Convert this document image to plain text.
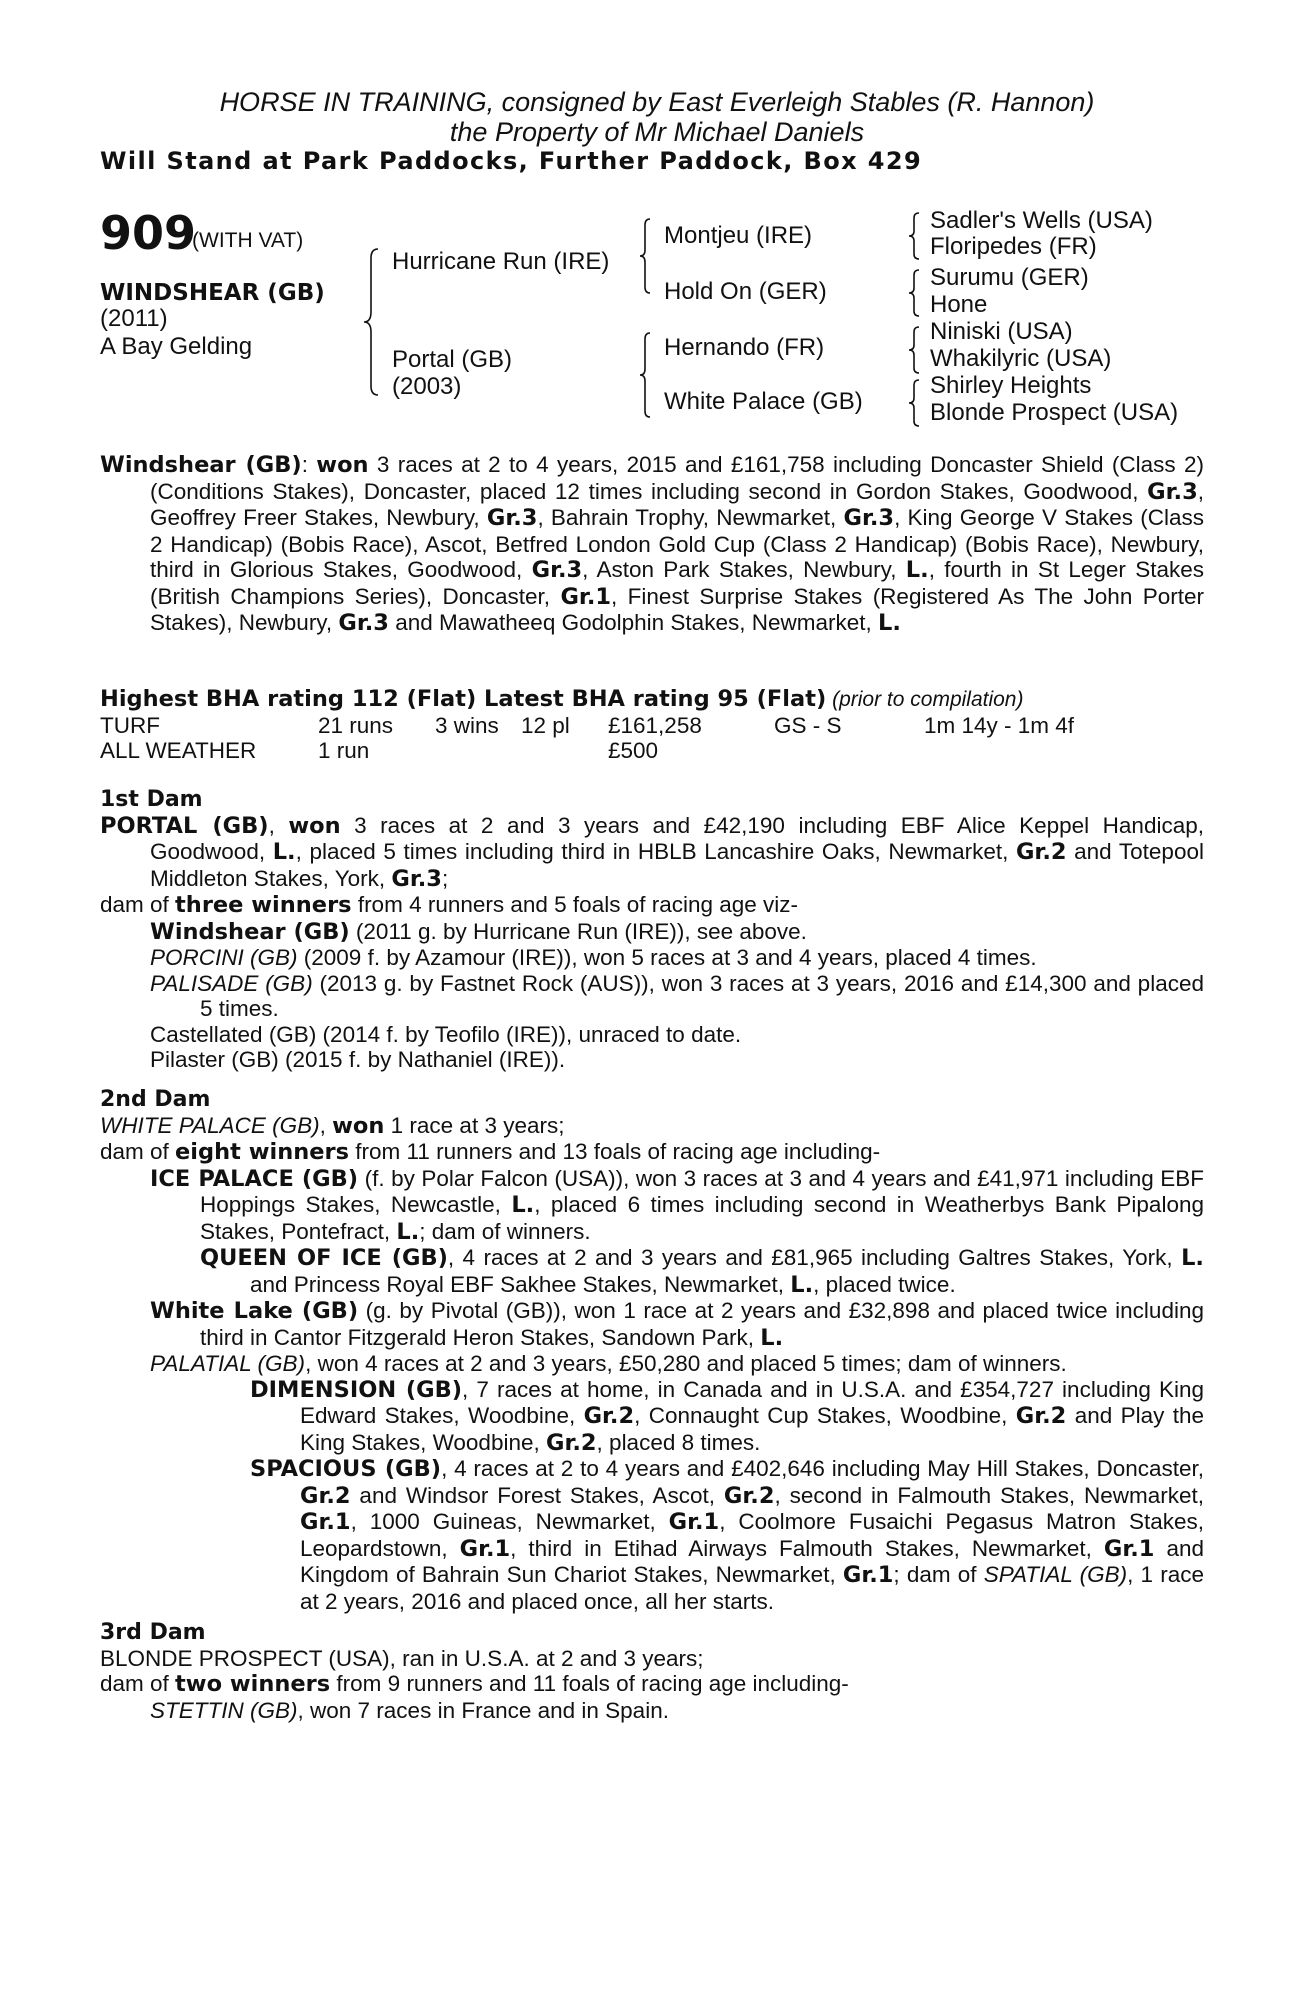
HORSE IN TRAINING, consigned by East Everleigh Stables (R. Hannon)
the Property of Mr Michael Daniels
Will Stand at Park Paddocks, Further Paddock, Box 429
909
(WITH VAT)
WINDSHEAR (GB)
(2011)
A Bay Gelding
Hurricane Run (IRE)
Portal (GB)
(2003)
Montjeu (IRE)
Hold On (GER)
Hernando (FR)
White Palace (GB)
Sadler's Wells (USA)
Floripedes (FR)
Surumu (GER)
Hone
Niniski (USA)
Whakilyric (USA)
Shirley Heights
Blonde Prospect (USA)

Windshear (GB): won 3 races at 2 to 4 years, 2015 and £161,758 including Doncaster Shield (Class 2) (Conditions Stakes), Doncaster, placed 12 times including second in Gordon Stakes, Goodwood, Gr.3, Geoffrey Freer Stakes, Newbury, Gr.3, Bahrain Trophy, Newmarket, Gr.3, King George V Stakes (Class 2 Handicap) (Bobis Race), Ascot, Betfred London Gold Cup (Class 2 Handicap) (Bobis Race), Newbury, third in Glorious Stakes, Goodwood, Gr.3, Aston Park Stakes, Newbury, L., fourth in St Leger Stakes (British Champions Series), Doncaster, Gr.1, Finest Surprise Stakes (Registered As The John Porter Stakes), Newbury, Gr.3 and Mawatheeq Godolphin Stakes, Newmarket, L.

Highest BHA rating 112 (Flat) Latest BHA rating 95 (Flat) (prior to compilation)

TURF	21 runs	3 wins	12 pl	£161,258	GS - S	1m 14y - 1m 4f
ALL WEATHER	1 run			£500		

1st Dam

PORTAL (GB), won 3 races at 2 and 3 years and £42,190 including EBF Alice Keppel Handicap, Goodwood, L., placed 5 times including third in HBLB Lancashire Oaks, Newmarket, Gr.2 and Totepool Middleton Stakes, York, Gr.3;

dam of three winners from 4 runners and 5 foals of racing age viz-

Windshear (GB) (2011 g. by Hurricane Run (IRE)), see above.

PORCINI (GB) (2009 f. by Azamour (IRE)), won 5 races at 3 and 4 years, placed 4 times.

PALISADE (GB) (2013 g. by Fastnet Rock (AUS)), won 3 races at 3 years, 2016 and £14,300 and placed 5 times.

Castellated (GB) (2014 f. by Teofilo (IRE)), unraced to date.

Pilaster (GB) (2015 f. by Nathaniel (IRE)).

2nd Dam

WHITE PALACE (GB), won 1 race at 3 years;

dam of eight winners from 11 runners and 13 foals of racing age including-

ICE PALACE (GB) (f. by Polar Falcon (USA)), won 3 races at 3 and 4 years and £41,971 including EBF Hoppings Stakes, Newcastle, L., placed 6 times including second in Weatherbys Bank Pipalong Stakes, Pontefract, L.; dam of winners.

QUEEN OF ICE (GB), 4 races at 2 and 3 years and £81,965 including Galtres Stakes, York, L. and Princess Royal EBF Sakhee Stakes, Newmarket, L., placed twice.

White Lake (GB) (g. by Pivotal (GB)), won 1 race at 2 years and £32,898 and placed twice including third in Cantor Fitzgerald Heron Stakes, Sandown Park, L.

PALATIAL (GB), won 4 races at 2 and 3 years, £50,280 and placed 5 times; dam of winners.

DIMENSION (GB), 7 races at home, in Canada and in U.S.A. and £354,727 including King Edward Stakes, Woodbine, Gr.2, Connaught Cup Stakes, Woodbine, Gr.2 and Play the King Stakes, Woodbine, Gr.2, placed 8 times.

SPACIOUS (GB), 4 races at 2 to 4 years and £402,646 including May Hill Stakes, Doncaster, Gr.2 and Windsor Forest Stakes, Ascot, Gr.2, second in Falmouth Stakes, Newmarket, Gr.1, 1000 Guineas, Newmarket, Gr.1, Coolmore Fusaichi Pegasus Matron Stakes, Leopardstown, Gr.1, third in Etihad Airways Falmouth Stakes, Newmarket, Gr.1 and Kingdom of Bahrain Sun Chariot Stakes, Newmarket, Gr.1; dam of SPATIAL (GB), 1 race at 2 years, 2016 and placed once, all her starts.

3rd Dam

BLONDE PROSPECT (USA), ran in U.S.A. at 2 and 3 years;

dam of two winners from 9 runners and 11 foals of racing age including-

STETTIN (GB), won 7 races in France and in Spain.
